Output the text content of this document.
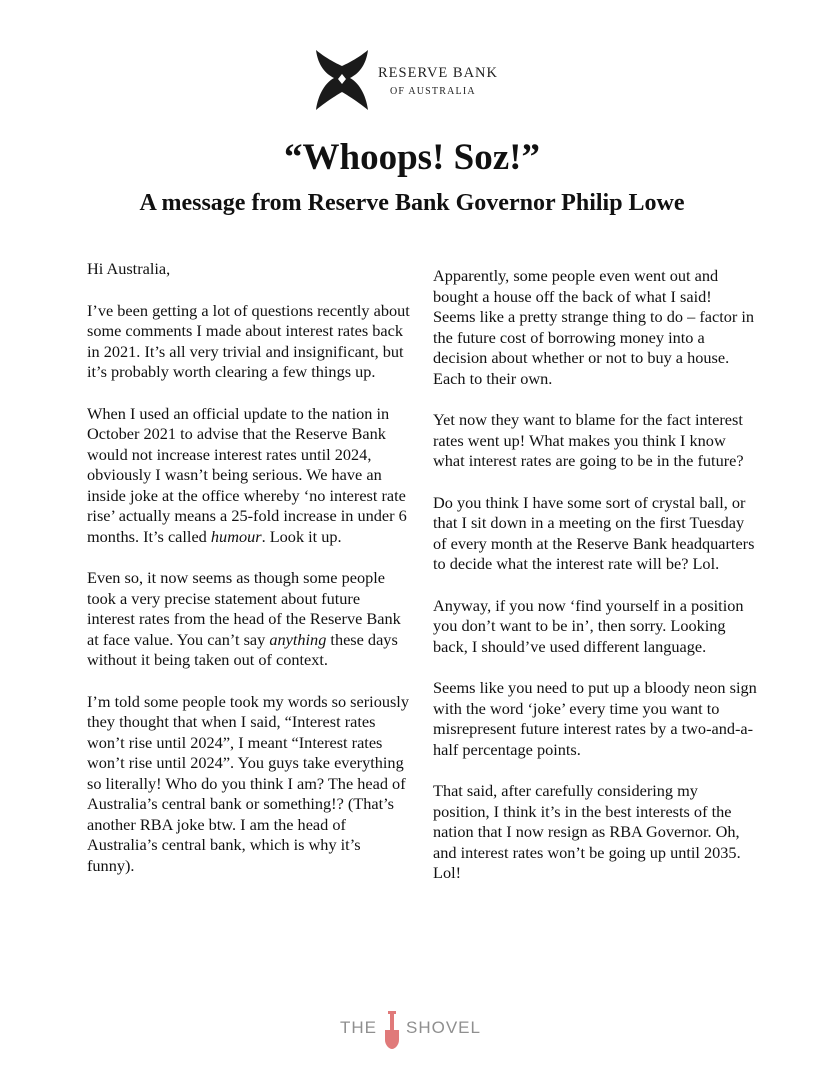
RESERVE BANK
OF AUSTRALIA
“Whoops! Soz!”
A message from Reserve Bank Governor Philip Lowe

Hi Australia,

I’ve been getting a lot of questions recently about some comments I made about interest rates back in 2021. It’s all very trivial and insignificant, but it’s probably worth clearing a few things up.

When I used an official update to the nation in October 2021 to advise that the Reserve Bank would not increase interest rates until 2024, obviously I wasn’t being serious. We have an inside joke at the office whereby ‘no interest rate rise’ actually means a 25-fold increase in under 6 months. It’s called humour. Look it up.

Even so, it now seems as though some people took a very precise statement about future interest rates from the head of the Reserve Bank at face value. You can’t say anything these days without it being taken out of context.

I’m told some people took my words so seriously they thought that when I said, “Interest rates won’t rise until 2024”, I meant “Interest rates won’t rise until 2024”. You guys take everything so literally! Who do you think I am? The head of Australia’s central bank or something!? (That’s another RBA joke btw. I am the head of Australia’s central bank, which is why it’s funny).

Apparently, some people even went out and bought a house off the back of what I said! Seems like a pretty strange thing to do – factor in the future cost of borrowing money into a decision about whether or not to buy a house. Each to their own.

Yet now they want to blame for the fact interest rates went up! What makes you think I know what interest rates are going to be in the future?

Do you think I have some sort of crystal ball, or that I sit down in a meeting on the first Tuesday of every month at the Reserve Bank headquarters to decide what the interest rate will be? Lol.

Anyway, if you now ‘find yourself in a position you don’t want to be in’, then sorry. Looking back, I should’ve used different language.

Seems like you need to put up a bloody neon sign with the word ‘joke’ every time you want to misrepresent future interest rates by a two-and-a-half percentage points.

That said, after carefully considering my position, I think it’s in the best interests of the nation that I now resign as RBA Governor. Oh, and interest rates won’t be going up until 2035. Lol!

THE SHOVEL
